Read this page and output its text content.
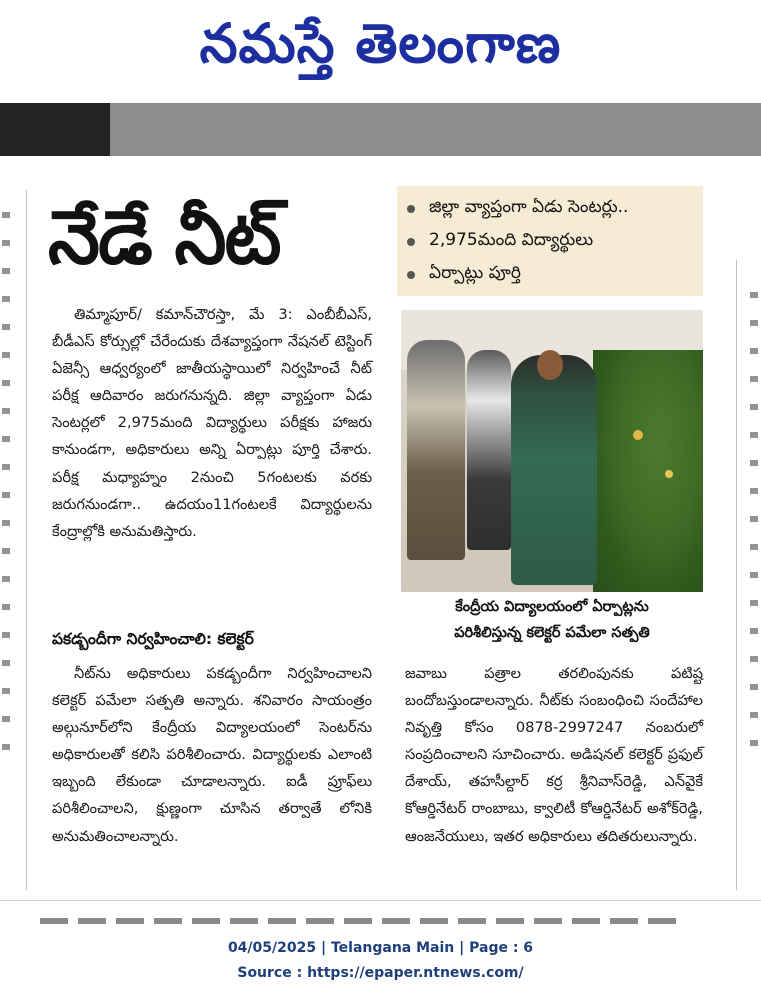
నమస్తే తెలంగాణ
నేడే నీట్	జిల్లా వ్యాప్తంగా ఏడు సెంటర్లు..
2,975మంది విద్యార్థులు
ఏర్పాట్లు పూర్తి
కేంద్రీయ విద్యాలయంలో ఏర్పాట్లను
పరిశీలిస్తున్న కలెక్టర్ పమేలా సత్పతి

తిమ్మాపూర్/ కమాన్‌చౌరస్తా, మే 3: ఎంబీబీఎస్, బీడీఎస్ కోర్సుల్లో చేరేందుకు దేశవ్యాప్తంగా నేషనల్ టెస్టింగ్ ఏజెన్సీ ఆధ్వర్యంలో జాతీయస్థాయిలో నిర్వహించే నీట్ పరీక్ష ఆదివారం జరుగనున్నది. జిల్లా వ్యాప్తంగా ఏడు సెంటర్లలో 2,975మంది విద్యార్థులు పరీక్షకు హాజరు కానుండగా, అధికారులు అన్ని ఏర్పాట్లు పూర్తి చేశారు. పరీక్ష మధ్యాహ్నం 2నుంచి 5గంటలకు వరకు జరుగనుండగా.. ఉదయం11గంటలకే విద్యార్థులను కేంద్రాల్లోకి అనుమతిస్తారు.

పకడ్బందీగా నిర్వహించాలి: కలెక్టర్

నీట్‌ను అధికారులు పకడ్బందీగా నిర్వహించాలని కలెక్టర్ పమేలా సత్పతి అన్నారు. శనివారం సాయంత్రం అల్గునూర్‌లోని కేంద్రీయ విద్యాలయంలో సెంటర్‌ను అధికారులతో కలిసి పరిశీలించారు. విద్యార్థులకు ఎలాంటి ఇబ్బంది లేకుండా చూడాలన్నారు. ఐడీ ప్రూఫ్‌లు పరిశీలించాలని, క్షుణ్ణంగా చూసిన తర్వాతే లోనికి అనుమతించాలన్నారు.

జవాబు పత్రాల తరలింపునకు పటిష్ట బందోబస్తుండాలన్నారు. నీట్‌కు సంబంధించి సందేహాల నివృత్తి కోసం 0878-2997247 నంబరులో సంప్రదించాలని సూచించారు. అడిషనల్ కలెక్టర్ ప్రఫుల్ దేశాయ్, తహసీల్దార్ కర్ర శ్రీనివాస్‌రెడ్డి, ఎన్‌వైకే కోఆర్డినేటర్ రాంబాబు, క్వాలిటీ కోఆర్డినేటర్ అశోక్‌రెడ్డి, ఆంజనేయులు, ఇతర అధికారులు తదితరులున్నారు.

04/05/2025 | Telangana Main | Page : 6
Source : https://epaper.ntnews.com/
